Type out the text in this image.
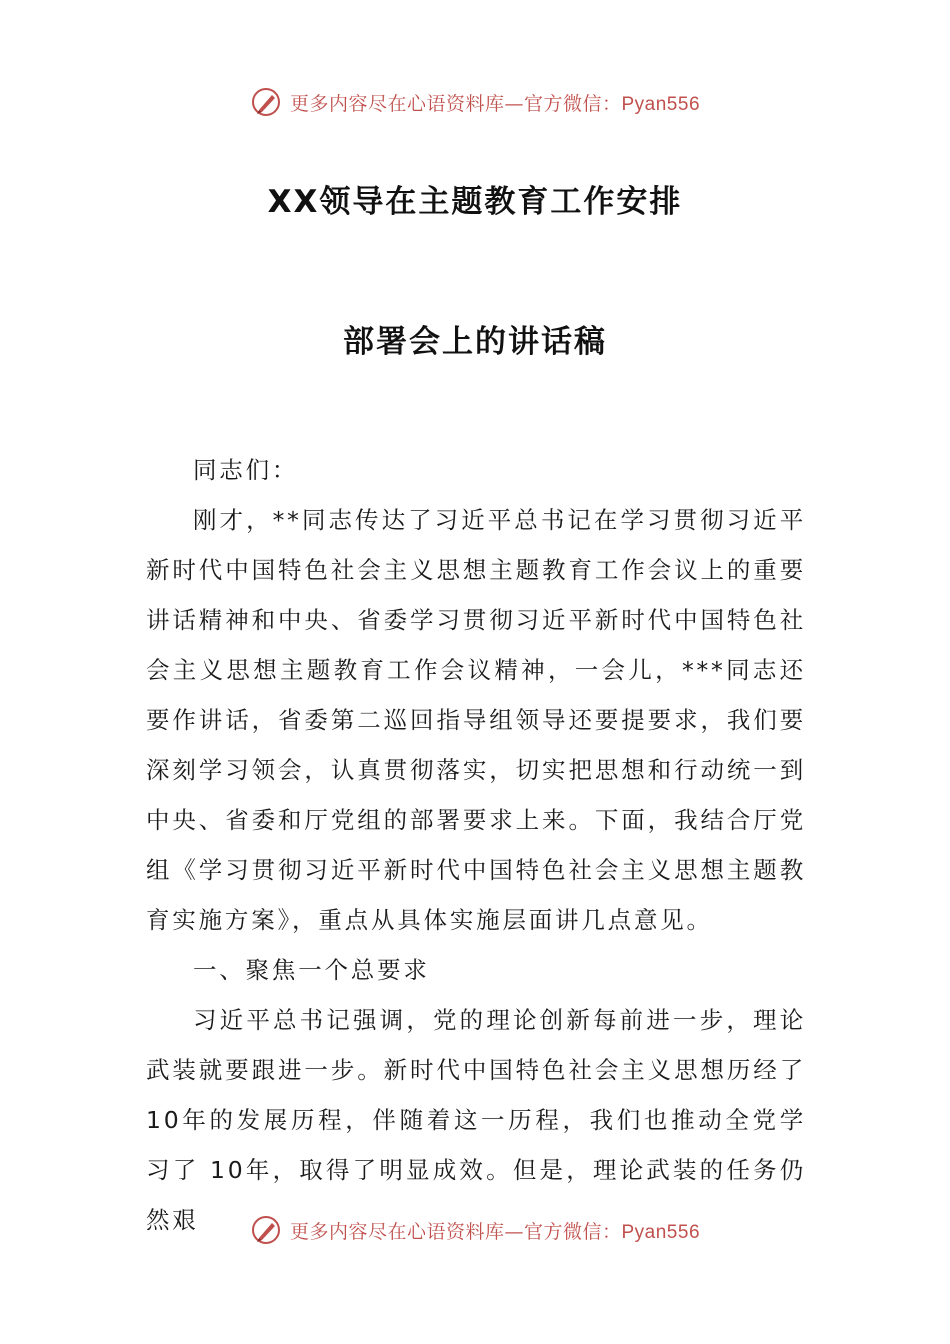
更多内容尽在心语资料库—官方微信：Pyan556
XX领导在主题教育工作安排
部署会上的讲话稿

同志们：

刚才，**同志传达了习近平总书记在学习贯彻习近平新时代中国特色社会主义思想主题教育工作会议上的重要讲话精神和中央、省委学习贯彻习近平新时代中国特色社会主义思想主题教育工作会议精神，一会儿，***同志还要作讲话，省委第二巡回指导组领导还要提要求，我们要深刻学习领会，认真贯彻落实，切实把思想和行动统一到中央、省委和厅党组的部署要求上来。下面，我结合厅党组《学习贯彻习近平新时代中国特色社会主义思想主题教育实施方案》，重点从具体实施层面讲几点意见。

一、聚焦一个总要求

习近平总书记强调，党的理论创新每前进一步，理论武装就要跟进一步。新时代中国特色社会主义思想历经了10年的发展历程，伴随着这一历程，我们也推动全党学习了 10年，取得了明显成效。但是，理论武装的任务仍然艰	更多内容尽在心语资料库—官方微信：Pyan556
